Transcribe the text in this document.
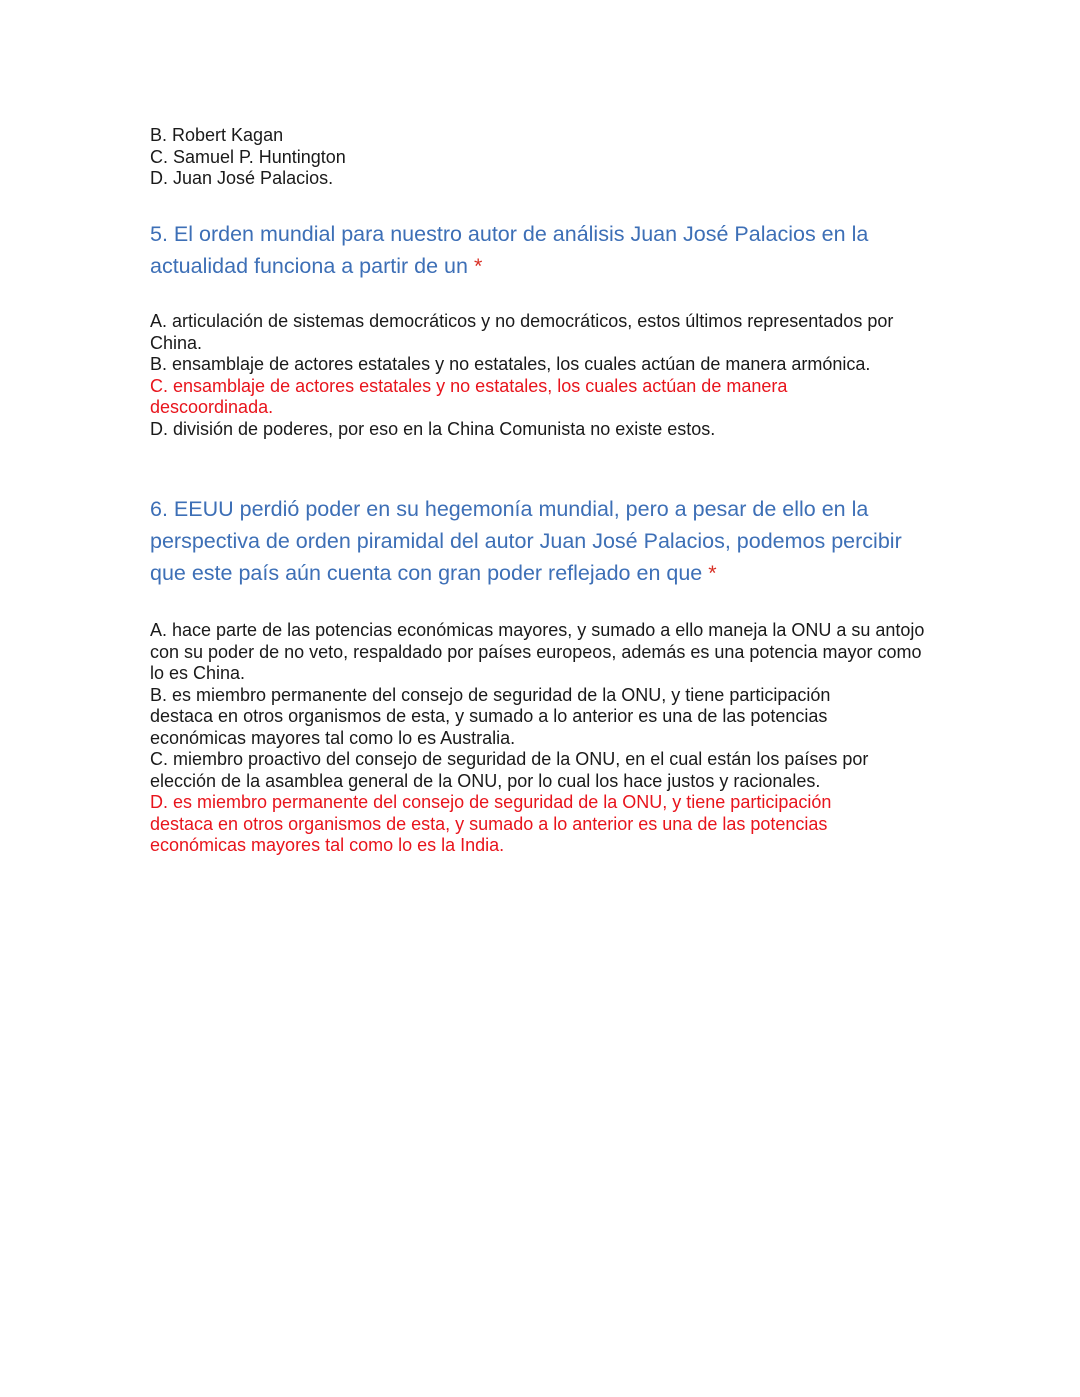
B. Robert Kagan

C. Samuel P. Huntington

D. Juan José Palacios.

5. El orden mundial para nuestro autor de análisis Juan José Palacios en la actualidad funciona a partir de un *

A. articulación de sistemas democráticos y no democráticos, estos últimos representados por China.

B. ensamblaje de actores estatales y no estatales, los cuales actúan de manera armónica.

C. ensamblaje de actores estatales y no estatales, los cuales actúan de manera descoordinada.

D. división de poderes, por eso en la China Comunista no existe estos.

6. EEUU perdió poder en su hegemonía mundial, pero a pesar de ello en la perspectiva de orden piramidal del autor Juan José Palacios, podemos percibir que este país aún cuenta con gran poder reflejado en que *

A. hace parte de las potencias económicas mayores, y sumado a ello maneja la ONU a su antojo con su poder de no veto, respaldado por países europeos, además es una potencia mayor como lo es China.

B. es miembro permanente del consejo de seguridad de la ONU, y tiene participación destaca en otros organismos de esta, y sumado a lo anterior es una de las potencias económicas mayores tal como lo es Australia.

C. miembro proactivo del consejo de seguridad de la ONU, en el cual están los países por elección de la asamblea general de la ONU, por lo cual los hace justos y racionales.

D. es miembro permanente del consejo de seguridad de la ONU, y tiene participación destaca en otros organismos de esta, y sumado a lo anterior es una de las potencias económicas mayores tal como lo es la India.
